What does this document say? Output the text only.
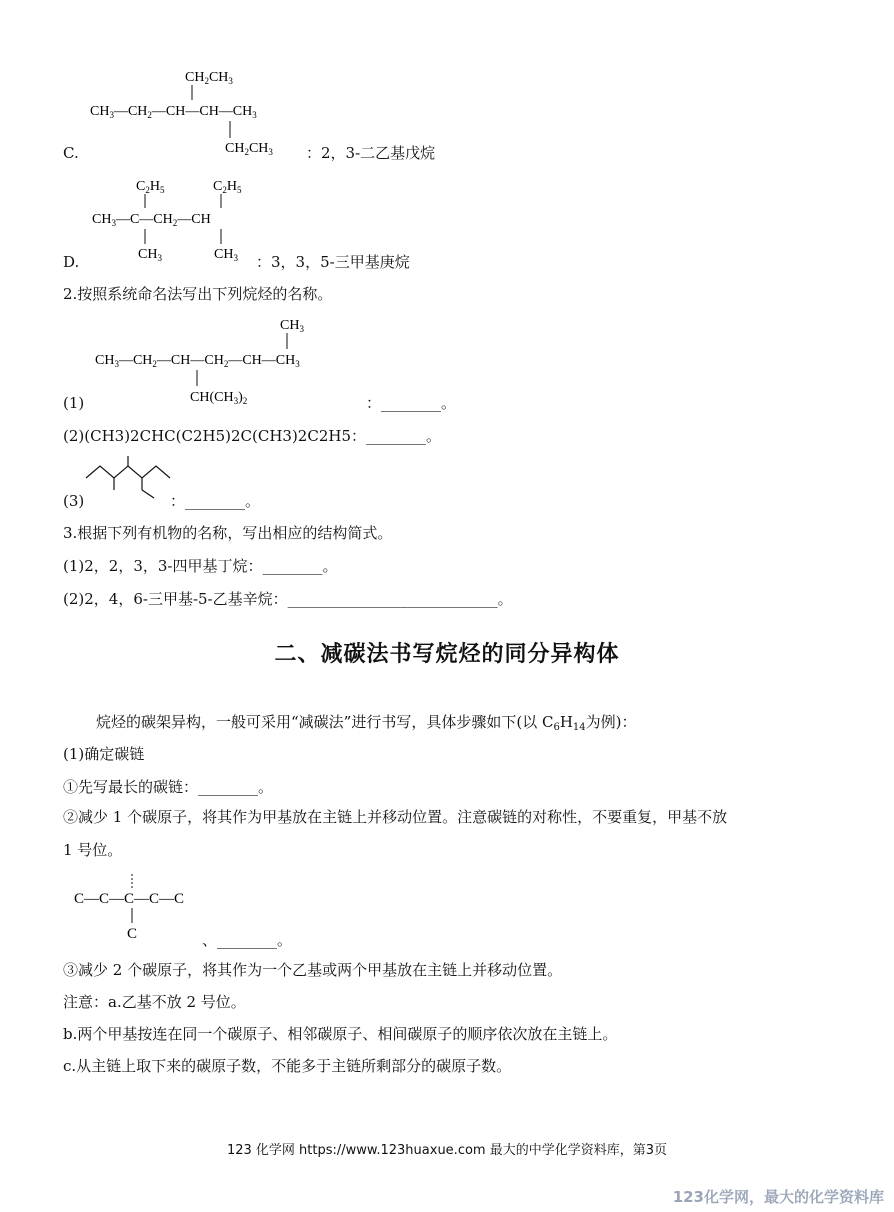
$CH_2CH_3$
$CH_3—CH_2—CH—CH—CH_3$
$CH_2CH_3$
C.	：2，3-二乙基戊烷
$C_2H_5$	$C_2H_5$
$CH_3—C—CH_2—CH$
$CH_3$	$CH_3$
D.	：3，3，5-三甲基庚烷
2.按照系统命名法写出下列烷烃的名称。
$CH_3$
$CH_3—CH_2—CH—CH_2—CH—CH_3$
$CH(CH_3)_2$
(1)	：________。
(2)(CH3)2CHC(C2H5)2C(CH3)2C2H5：________。
(3)	：________。
3.根据下列有机物的名称，写出相应的结构简式。
(1)2，2，3，3-四甲基丁烷：________。
(2)2，4，6-三甲基-5-乙基辛烷：____________________________。
二、减碳法书写烷烃的同分异构体
烷烃的碳架异构，一般可采用“减碳法”进行书写，具体步骤如下(以 $C_6H_{14}$为例)：
(1)确定碳链
①先写最长的碳链：________。
②减少 1 个碳原子，将其作为甲基放在主链上并移动位置。注意碳链的对称性，不要重复，甲基不放
1 号位。
C—C—C—C—C
C	、________。
③减少 2 个碳原子，将其作为一个乙基或两个甲基放在主链上并移动位置。
注意：a.乙基不放 2 号位。
b.两个甲基按连在同一个碳原子、相邻碳原子、相间碳原子的顺序依次放在主链上。
c.从主链上取下来的碳原子数，不能多于主链所剩部分的碳原子数。
123 化学网 https://www.123huaxue.com 最大的中学化学资料库，第3页
123化学网，最大的化学资料库
